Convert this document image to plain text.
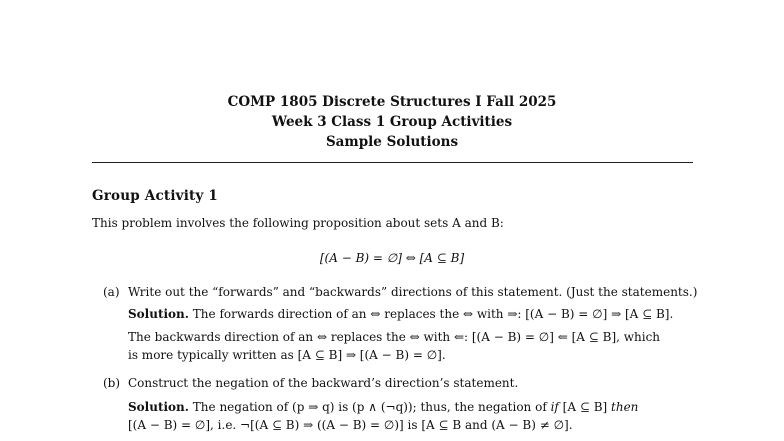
COMP 1805 Discrete Structures I Fall 2025
Week 3 Class 1 Group Activities
Sample Solutions
Group Activity 1
This problem involves the following proposition about sets A and B:
[(A − B) = ∅] ⇔ [A ⊆ B]
(a) Write out the “forwards” and “backwards” directions of this statement. (Just the statements.)
Solution. The forwards direction of an ⇔ replaces the ⇔ with ⇒: [(A − B) = ∅] ⇒ [A ⊆ B].
The backwards direction of an ⇔ replaces the ⇔ with ⇐: [(A − B) = ∅] ⇐ [A ⊆ B], which
is more typically written as [A ⊆ B] ⇒ [(A − B) = ∅].
(b) Construct the negation of the backward’s direction’s statement.
Solution. The negation of (p ⇒ q) is (p ∧ (¬q)); thus, the negation of if [A ⊆ B] then
[(A − B) = ∅], i.e. ¬[(A ⊆ B) ⇒ ((A − B) = ∅)] is [A ⊆ B and (A − B) ≠ ∅].
